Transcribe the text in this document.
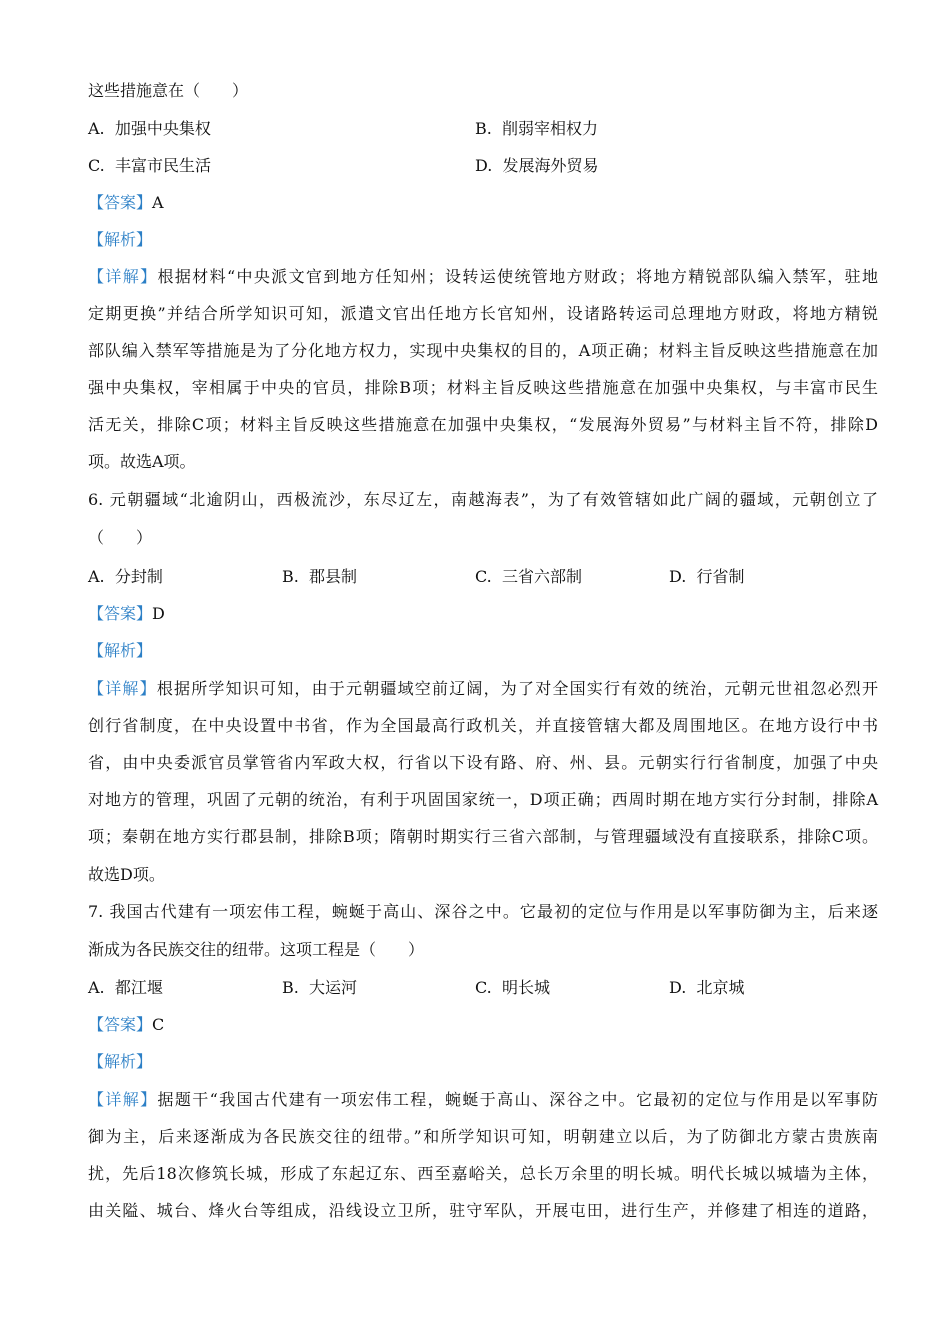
这些措施意在（　　）
A. 加强中央集权	B. 削弱宰相权力
C. 丰富市民生活	D. 发展海外贸易
【答案】A
【解析】
【详解】根据材料“中央派文官到地方任知州；设转运使统管地方财政；将地方精锐部队编入禁军，驻地
定期更换”并结合所学知识可知，派遣文官出任地方长官知州，设诸路转运司总理地方财政，将地方精锐
部队编入禁军等措施是为了分化地方权力，实现中央集权的目的，A项正确；材料主旨反映这些措施意在加
强中央集权，宰相属于中央的官员，排除B项；材料主旨反映这些措施意在加强中央集权，与丰富市民生
活无关，排除C项；材料主旨反映这些措施意在加强中央集权，“发展海外贸易”与材料主旨不符，排除D
项。故选A项。
6. 元朝疆域“北逾阴山，西极流沙，东尽辽左，南越海表”，为了有效管辖如此广阔的疆域，元朝创立了
（　　）
A. 分封制	B. 郡县制	C. 三省六部制	D. 行省制
【答案】D
【解析】
【详解】根据所学知识可知，由于元朝疆域空前辽阔，为了对全国实行有效的统治，元朝元世祖忽必烈开
创行省制度，在中央设置中书省，作为全国最高行政机关，并直接管辖大都及周围地区。在地方设行中书
省，由中央委派官员掌管省内军政大权，行省以下设有路、府、州、县。元朝实行行省制度，加强了中央
对地方的管理，巩固了元朝的统治，有利于巩固国家统一，D项正确；西周时期在地方实行分封制，排除A
项；秦朝在地方实行郡县制，排除B项；隋朝时期实行三省六部制，与管理疆域没有直接联系，排除C项。
故选D项。
7. 我国古代建有一项宏伟工程，蜿蜒于高山、深谷之中。它最初的定位与作用是以军事防御为主，后来逐
渐成为各民族交往的纽带。这项工程是（　　）
A. 都江堰	B. 大运河	C. 明长城	D. 北京城
【答案】C
【解析】
【详解】据题干“我国古代建有一项宏伟工程，蜿蜒于高山、深谷之中。它最初的定位与作用是以军事防
御为主，后来逐渐成为各民族交往的纽带。”和所学知识可知，明朝建立以后，为了防御北方蒙古贵族南
扰，先后18次修筑长城，形成了东起辽东、西至嘉峪关，总长万余里的明长城。明代长城以城墙为主体，
由关隘、城台、烽火台等组成，沿线设立卫所，驻守军队，开展屯田，进行生产，并修建了相连的道路，
